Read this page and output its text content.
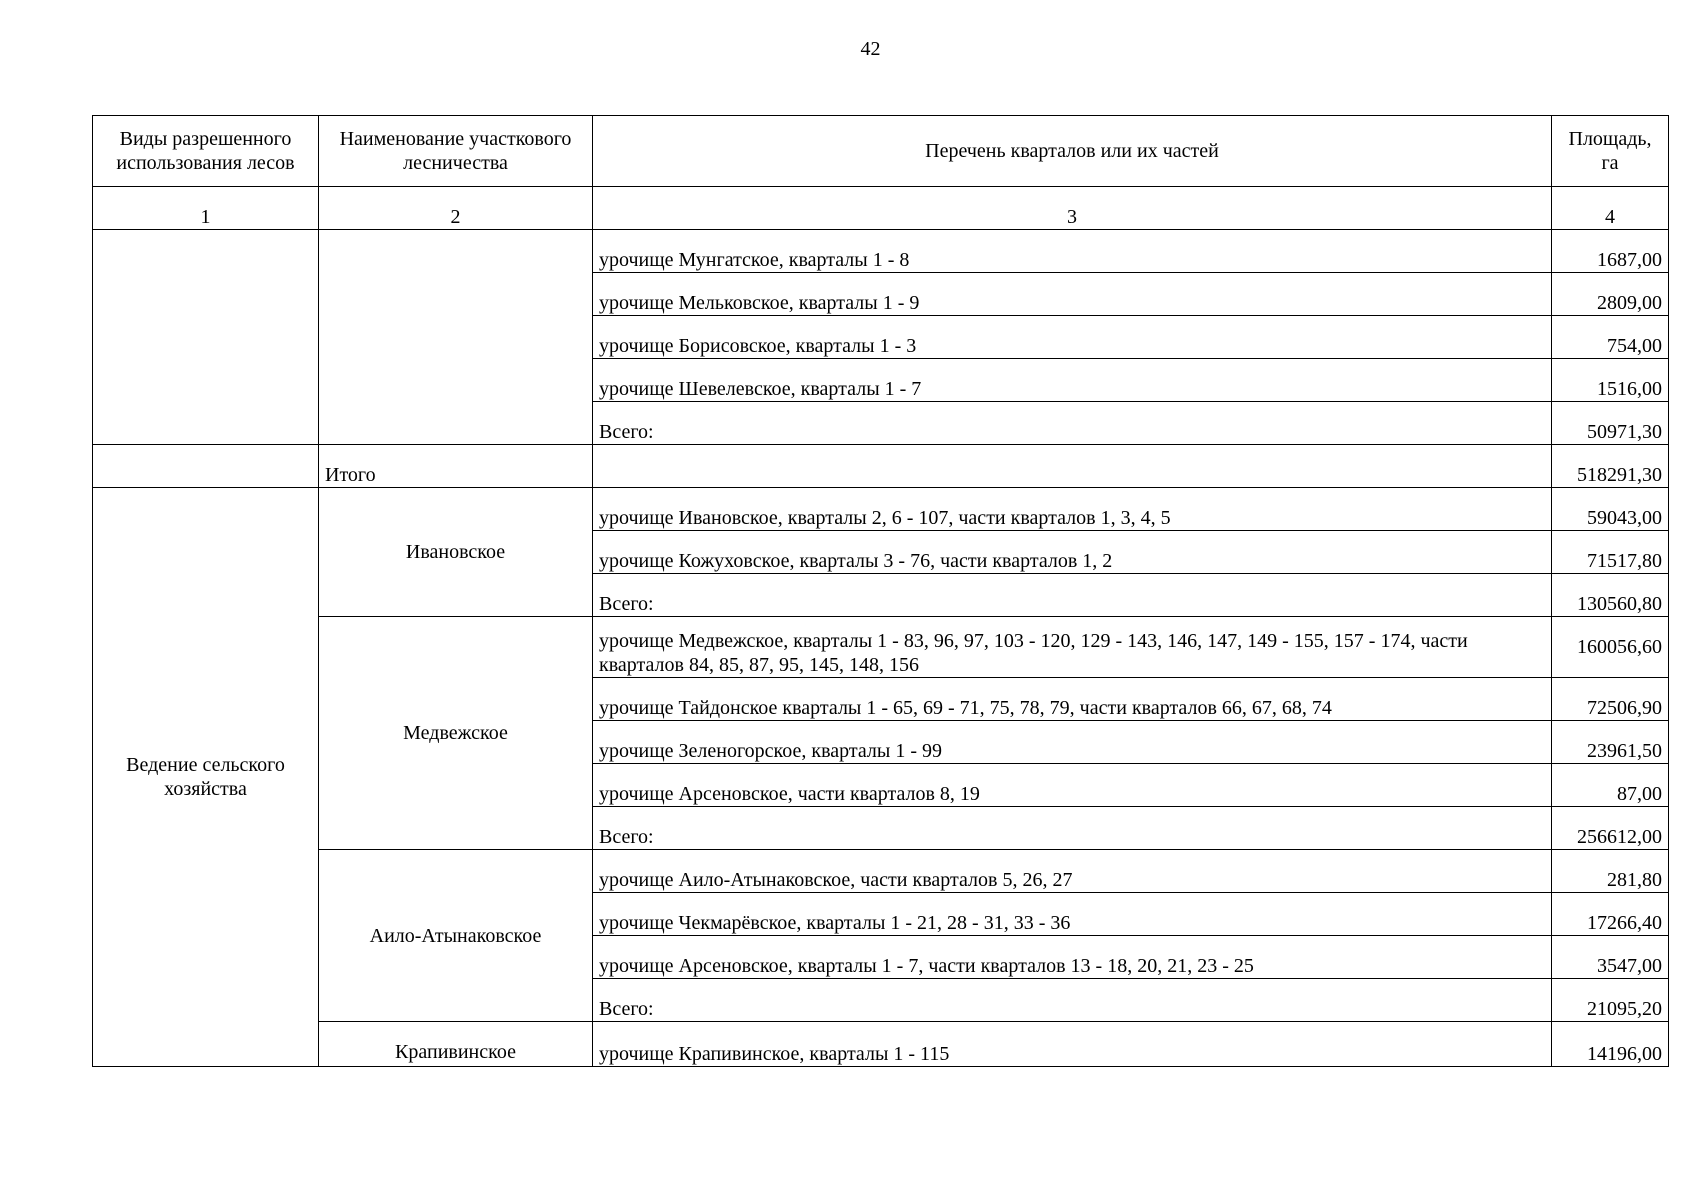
42
Виды разрешенного использования лесов	Наименование участкового лесничества	Перечень кварталов или их частей	Площадь, га
1	2	3	4
		урочище Мунгатское, кварталы 1 - 8	1687,00
		урочище Мельковское, кварталы 1 - 9	2809,00
		урочище Борисовское, кварталы 1 - 3	754,00
		урочище Шевелевское, кварталы 1 - 7	1516,00
		Всего:	50971,30
	Итого		518291,30
Ведение сельского хозяйства	Ивановское	урочище Ивановское, кварталы 2, 6 - 107, части кварталов 1, 3, 4, 5	59043,00
		урочище Кожуховское, кварталы 3 - 76, части кварталов 1, 2	71517,80
		Всего:	130560,80
	Медвежское	урочище Медвежское, кварталы 1 - 83, 96, 97, 103 - 120, 129 - 143, 146, 147, 149 - 155, 157 - 174, части кварталов 84, 85, 87, 95, 145, 148, 156	160056,60
		урочище Тайдонское кварталы 1 - 65, 69 - 71, 75, 78, 79, части кварталов 66, 67, 68, 74	72506,90
		урочище Зеленогорское, кварталы 1 - 99	23961,50
		урочище Арсеновское, части кварталов 8, 19	87,00
		Всего:	256612,00
	Аило-Атынаковское	урочище Аило-Атынаковское, части кварталов 5, 26, 27	281,80
		урочище Чекмарёвское, кварталы 1 - 21, 28 - 31, 33 - 36	17266,40
		урочище Арсеновское, кварталы 1 - 7, части кварталов 13 - 18, 20, 21, 23 - 25	3547,00
		Всего:	21095,20
	Крапивинское	урочище Крапивинское, кварталы 1 - 115	14196,00
